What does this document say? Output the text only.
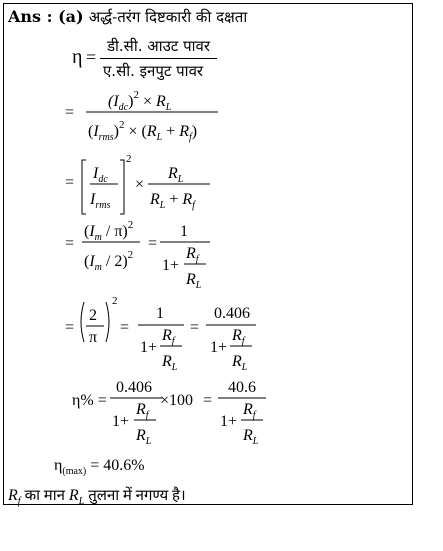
Ans : (a) अर्द्ध-तरंग दिष्टकारी की दक्षता
η =
डी.सी. आउट पावर
ए.सी. इनपुट पावर
=
$(I_{dc})^2 \times R_L$
$(I_{rms})^2 \times (R_L + R_f)$
=
$I_{dc}$
$I_{rms}$
2
×
$R_L$
$R_L + R_f$
=
$(I_m / \pi)^2$
$(I_m / 2)^2$
=
1
1+
$R_f$
$R_L$
=
2
π
2
=
1
1+
$R_f$
$R_L$
=
0.406
1+
$R_f$
$R_L$
η% =
0.406
1+
$R_f$
$R_L$
×100 =
40.6
1+
$R_f$
$R_L$
$\eta_{(max)} = 40.6\%$
$R_f$ का मान $R_L$ तुलना में नगण्य है।
